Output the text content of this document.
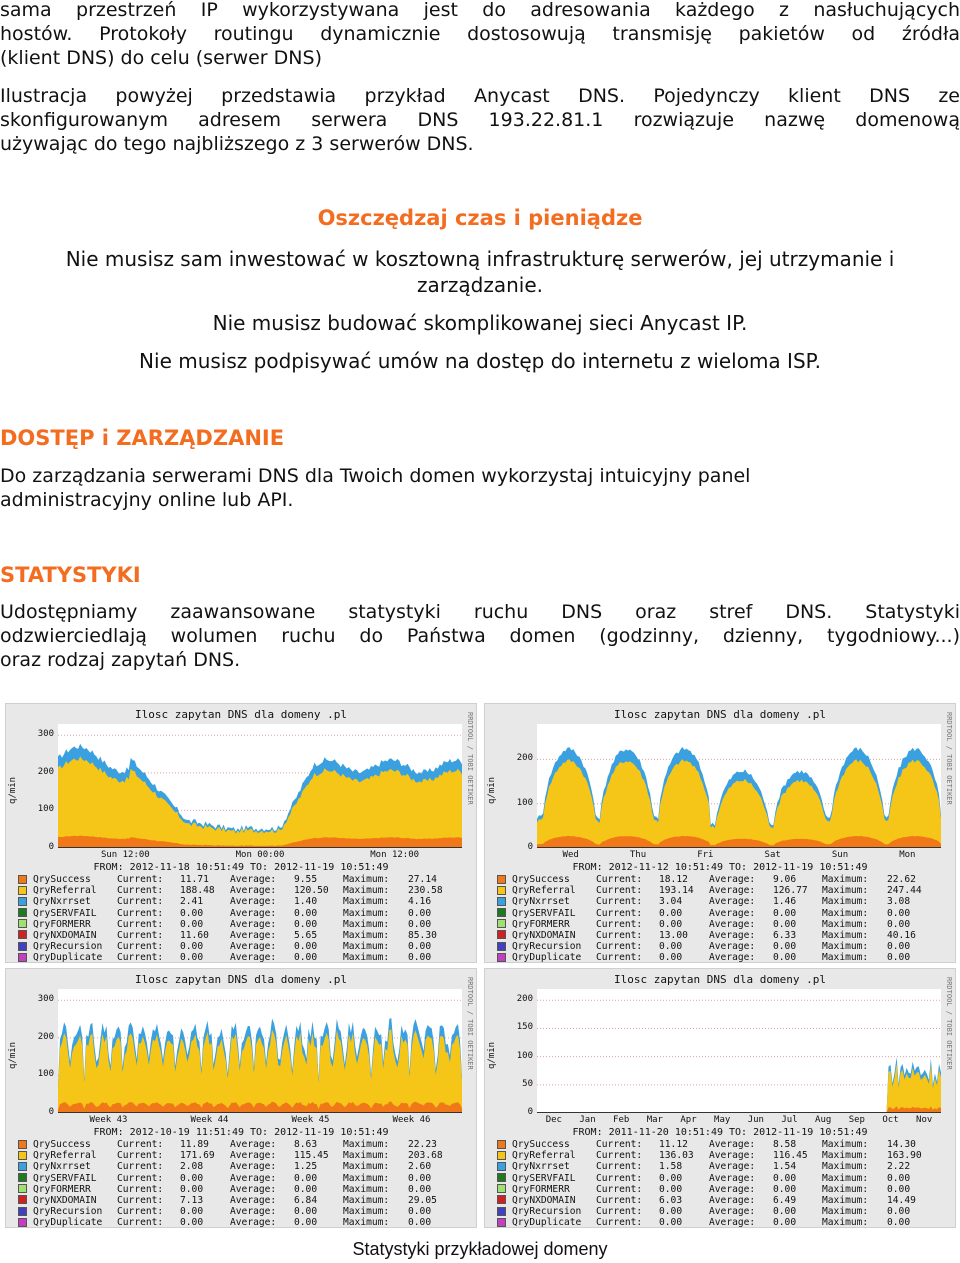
sama przestrzeń IP wykorzystywana jest do adresowania każdego z nasłuchujących
hostów. Protokoły routingu dynamicznie dostosowują transmisję pakietów od źródła
(klient DNS) do celu (serwer DNS)
Ilustracja powyżej przedstawia przykład Anycast DNS. Pojedynczy klient DNS ze
skonfigurowanym adresem serwera DNS 193.22.81.1 rozwiązuje nazwę domenową
używając do tego najbliższego z 3 serwerów DNS.
Oszczędzaj czas i pieniądze
Nie musisz sam inwestować w kosztowną infrastrukturę serwerów, jej utrzymanie i zarządzanie.
Nie musisz budować skomplikowanej sieci Anycast IP.
Nie musisz podpisywać umów na dostęp do internetu z wieloma ISP.
DOSTĘP i ZARZĄDZANIE
Do zarządzania serwerami DNS dla Twoich domen wykorzystaj intuicyjny panel
administracyjny online lub API.
STATYSTYKI
Udostępniamy zaawansowane statystyki ruchu DNS oraz stref DNS. Statystyki
odzwierciedlają wolumen ruchu do Państwa domen (godzinny, dzienny, tygodniowy...)
oraz rodzaj zapytań DNS.
Ilosc zapytan DNS dla domeny .pl	RRDTOOL / TOBI OETIKER
q/min
300
200
100
0
Sun 12:00	Mon 00:00	Mon 12:00
FROM: 2012-11-18 10:51:49 TO: 2012-11-19 10:51:49
QrySuccess	Current: 11.71 Average: 9.55	Maximum: 27.14
QryReferral Current: 188.48 Average: 120.50 Maximum: 230.58
QryNxrrset	Current: 2.41	Average: 1.40	Maximum: 4.16
QrySERVFAIL Current: 0.00	Average: 0.00	Maximum: 0.00
QryFORMERR	Current: 0.00	Average: 0.00	Maximum: 0.00
QryNXDOMAIN Current: 11.60 Average: 5.65	Maximum: 85.30
QryRecursion Current: 0.00	Average: 0.00	Maximum: 0.00
QryDuplicate Current: 0.00	Average: 0.00	Maximum: 0.00
Ilosc zapytan DNS dla domeny .pl	RRDTOOL / TOBI OETIKER
q/min
200
100
0
Wed	Thu	Fri	Sat	Sun	Mon
FROM: 2012-11-12 10:51:49 TO: 2012-11-19 10:51:49
QrySuccess	Current: 18.12 Average: 9.06	Maximum: 22.62
QryReferral Current: 193.14 Average: 126.77 Maximum: 247.44
QryNxrrset	Current: 3.04	Average: 1.46	Maximum: 3.08
QrySERVFAIL Current: 0.00	Average: 0.00	Maximum: 0.00
QryFORMERR	Current: 0.00	Average: 0.00	Maximum: 0.00
QryNXDOMAIN Current: 13.00 Average: 6.33	Maximum: 40.16
QryRecursion Current: 0.00	Average: 0.00	Maximum: 0.00
QryDuplicate Current: 0.00	Average: 0.00	Maximum: 0.00
Ilosc zapytan DNS dla domeny .pl	RRDTOOL / TOBI OETIKER
q/min
300
200
100
0
Week 43	Week 44	Week 45	Week 46
FROM: 2012-10-19 11:51:49 TO: 2012-11-19 10:51:49
QrySuccess	Current: 11.89 Average: 8.63	Maximum: 22.23
QryReferral Current: 171.69 Average: 115.45 Maximum: 203.68
QryNxrrset	Current: 2.08	Average: 1.25	Maximum: 2.60
QrySERVFAIL Current: 0.00	Average: 0.00	Maximum: 0.00
QryFORMERR	Current: 0.00	Average: 0.00	Maximum: 0.00
QryNXDOMAIN Current: 7.13	Average: 6.84	Maximum: 29.05
QryRecursion Current: 0.00	Average: 0.00	Maximum: 0.00
QryDuplicate Current: 0.00	Average: 0.00	Maximum: 0.00
Ilosc zapytan DNS dla domeny .pl	RRDTOOL / TOBI OETIKER
q/min
200
150
100
50
0
Dec Jan Feb Mar Apr May Jun Jul Aug Sep Oct Nov
FROM: 2011-11-20 10:51:49 TO: 2012-11-19 10:51:49
QrySuccess	Current: 11.12 Average: 8.58	Maximum: 14.30
QryReferral Current: 136.03 Average: 116.45 Maximum: 163.90
QryNxrrset	Current: 1.58	Average: 1.54	Maximum: 2.22
QrySERVFAIL Current: 0.00	Average: 0.00	Maximum: 0.00
QryFORMERR	Current: 0.00	Average: 0.00	Maximum: 0.00
QryNXDOMAIN Current: 6.03	Average: 6.49	Maximum: 14.49
QryRecursion Current: 0.00	Average: 0.00	Maximum: 0.00
QryDuplicate Current: 0.00	Average: 0.00	Maximum: 0.00
Statystyki przykładowej domeny
